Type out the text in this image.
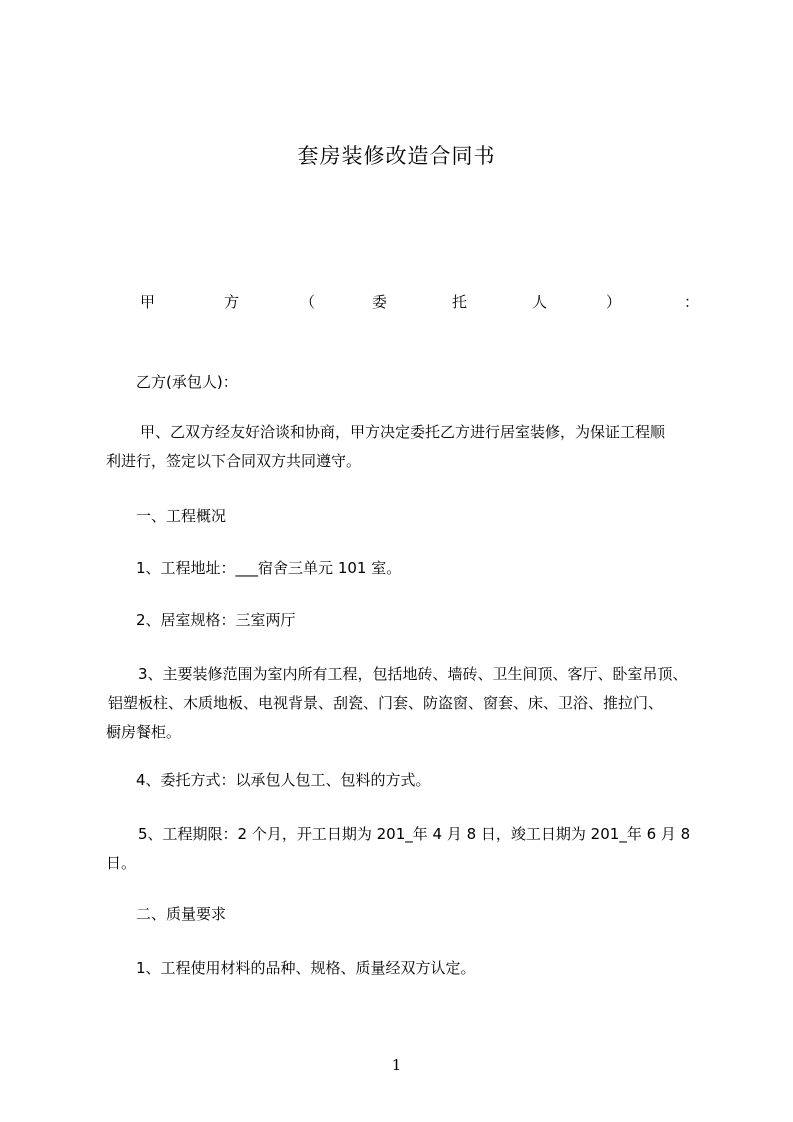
套房装修改造合同书
甲	方	（	委	托	人	）	：

乙方(承包人)：

甲、乙双方经友好洽谈和协商，甲方决定委托乙方进行居室装修，为保证工程顺
利进行，签定以下合同双方共同遵守。

一、工程概况

1、工程地址：___宿舍三单元 101 室。

2、居室规格：三室两厅

3、主要装修范围为室内所有工程，包括地砖、墙砖、卫生间顶、客厅、卧室吊顶、
铝塑板柱、木质地板、电视背景、刮瓷、门套、防盗窗、窗套、床、卫浴、推拉门、
橱房餐柜。

4、委托方式：以承包人包工、包料的方式。

5、工程期限：2 个月，开工日期为 201_年 4 月 8 日，竣工日期为 201_年 6 月 8
日。

二、质量要求

1、工程使用材料的品种、规格、质量经双方认定。

1
